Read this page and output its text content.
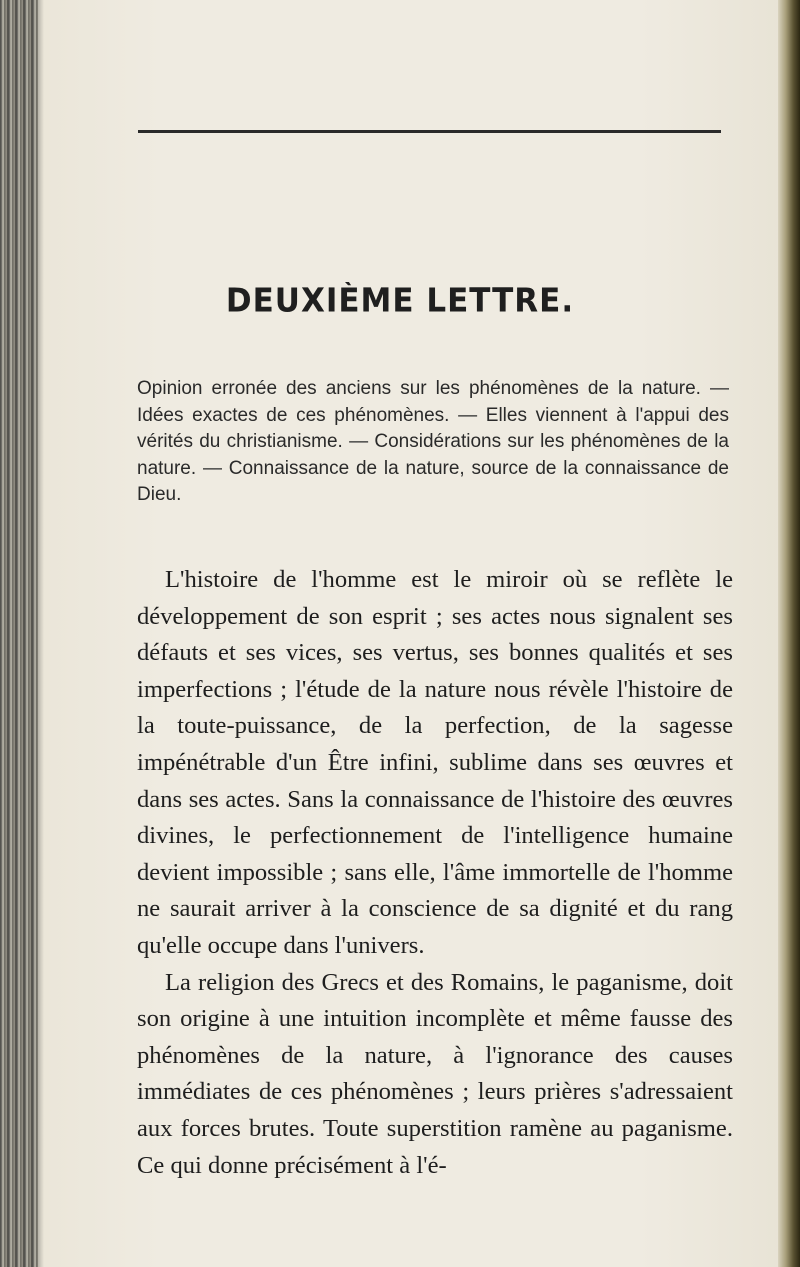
DEUXIÈME LETTRE.
Opinion erronée des anciens sur les phénomènes de la nature. — Idées exactes de ces phénomènes. — Elles viennent à l'appui des vérités du christianisme. — Considérations sur les phénomènes de la nature. — Connaissance de la nature, source de la connaissance de Dieu.

L'histoire de l'homme est le miroir où se reflète le développement de son esprit ; ses actes nous signalent ses défauts et ses vices, ses vertus, ses bonnes qualités et ses imperfections ; l'étude de la nature nous révèle l'histoire de la toute-puissance, de la perfection, de la sagesse impénétrable d'un Être infini, sublime dans ses œuvres et dans ses actes. Sans la connaissance de l'histoire des œuvres divines, le perfectionnement de l'intelligence humaine devient impossible ; sans elle, l'âme immortelle de l'homme ne saurait arriver à la conscience de sa dignité et du rang qu'elle occupe dans l'univers.

La religion des Grecs et des Romains, le paganisme, doit son origine à une intuition incomplète et même fausse des phénomènes de la nature, à l'ignorance des causes immédiates de ces phénomènes ; leurs prières s'adressaient aux forces brutes. Toute superstition ramène au paganisme. Ce qui donne précisément à l'é-
